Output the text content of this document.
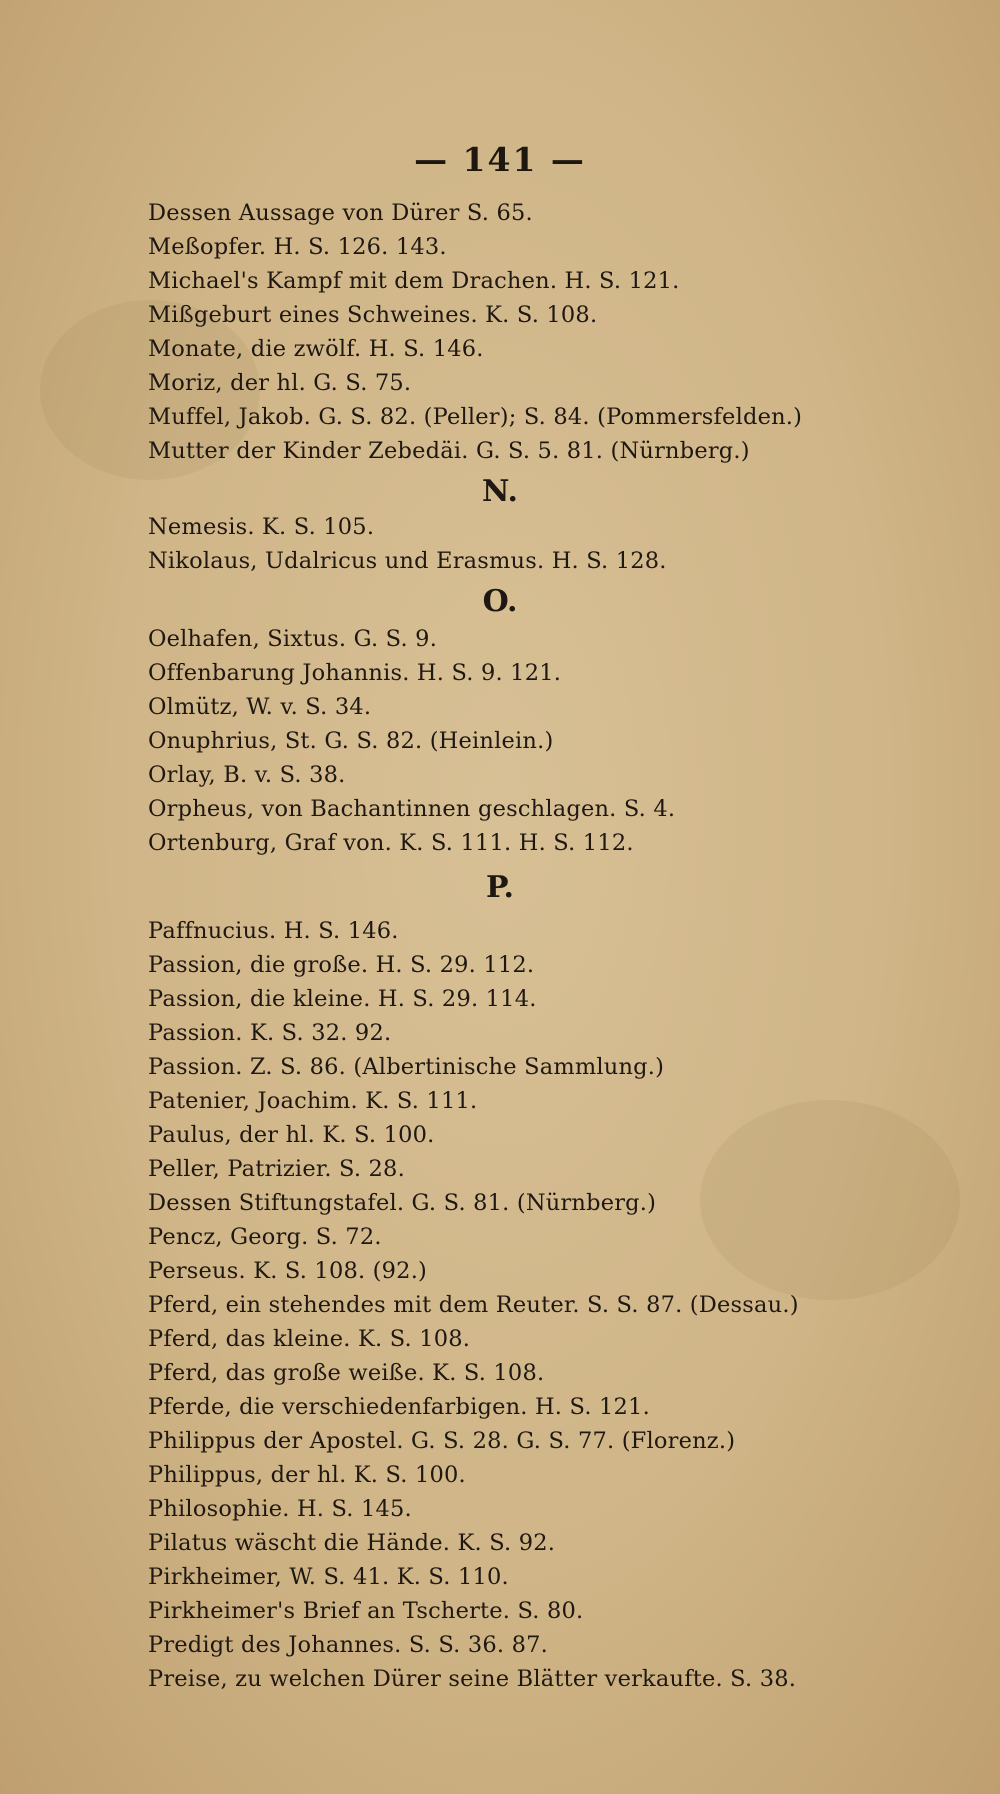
— 141 —
Dessen Aussage von Dürer S. 65.
Meßopfer. H. S. 126. 143.
Michael's Kampf mit dem Drachen. H. S. 121.
Mißgeburt eines Schweines. K. S. 108.
Monate, die zwölf. H. S. 146.
Moriz, der hl. G. S. 75.
Muffel, Jakob. G. S. 82. (Peller); S. 84. (Pommersfelden.)
Mutter der Kinder Zebedäi. G. S. 5. 81. (Nürnberg.)
N.
Nemesis. K. S. 105.
Nikolaus, Udalricus und Erasmus. H. S. 128.
O.
Oelhafen, Sixtus. G. S. 9.
Offenbarung Johannis. H. S. 9. 121.
Olmütz, W. v. S. 34.
Onuphrius, St. G. S. 82. (Heinlein.)
Orlay, B. v. S. 38.
Orpheus, von Bachantinnen geschlagen. S. 4.
Ortenburg, Graf von. K. S. 111. H. S. 112.
P.
Paffnucius. H. S. 146.
Passion, die große. H. S. 29. 112.
Passion, die kleine. H. S. 29. 114.
Passion. K. S. 32. 92.
Passion. Z. S. 86. (Albertinische Sammlung.)
Patenier, Joachim. K. S. 111.
Paulus, der hl. K. S. 100.
Peller, Patrizier. S. 28.
Dessen Stiftungstafel. G. S. 81. (Nürnberg.)
Pencz, Georg. S. 72.
Perseus. K. S. 108. (92.)
Pferd, ein stehendes mit dem Reuter. S. S. 87. (Dessau.)
Pferd, das kleine. K. S. 108.
Pferd, das große weiße. K. S. 108.
Pferde, die verschiedenfarbigen. H. S. 121.
Philippus der Apostel. G. S. 28. G. S. 77. (Florenz.)
Philippus, der hl. K. S. 100.
Philosophie. H. S. 145.
Pilatus wäscht die Hände. K. S. 92.
Pirkheimer, W. S. 41. K. S. 110.
Pirkheimer's Brief an Tscherte. S. 80.
Predigt des Johannes. S. S. 36. 87.
Preise, zu welchen Dürer seine Blätter verkaufte. S. 38.
